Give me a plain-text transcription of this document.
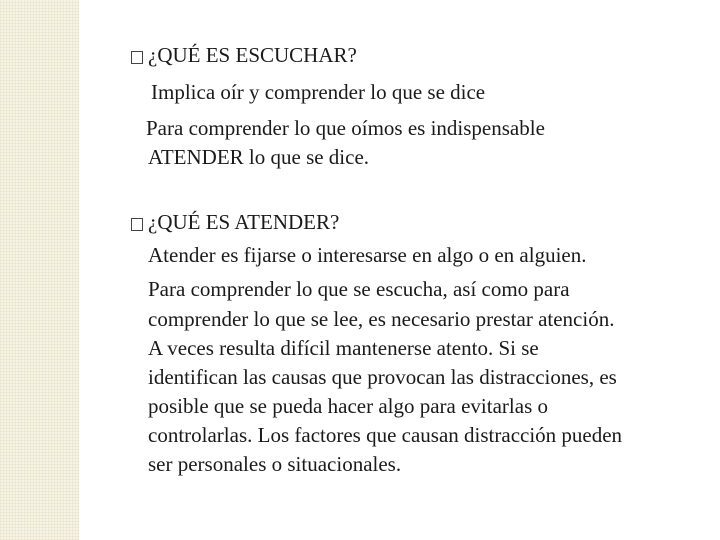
¿QUÉ ES ESCUCHAR?
Implica oír y comprender lo que se dice
Para comprender lo que oímos es indispensable
ATENDER lo que se dice.
¿QUÉ ES ATENDER?
Atender es fijarse o interesarse en algo o en alguien.
Para comprender lo que se escucha, así como para
comprender lo que se lee, es necesario prestar atención.
A veces resulta difícil mantenerse atento. Si se
identifican las causas que provocan las distracciones, es
posible que se pueda hacer algo para evitarlas o
controlarlas. Los factores que causan distracción pueden
ser personales o situacionales.
